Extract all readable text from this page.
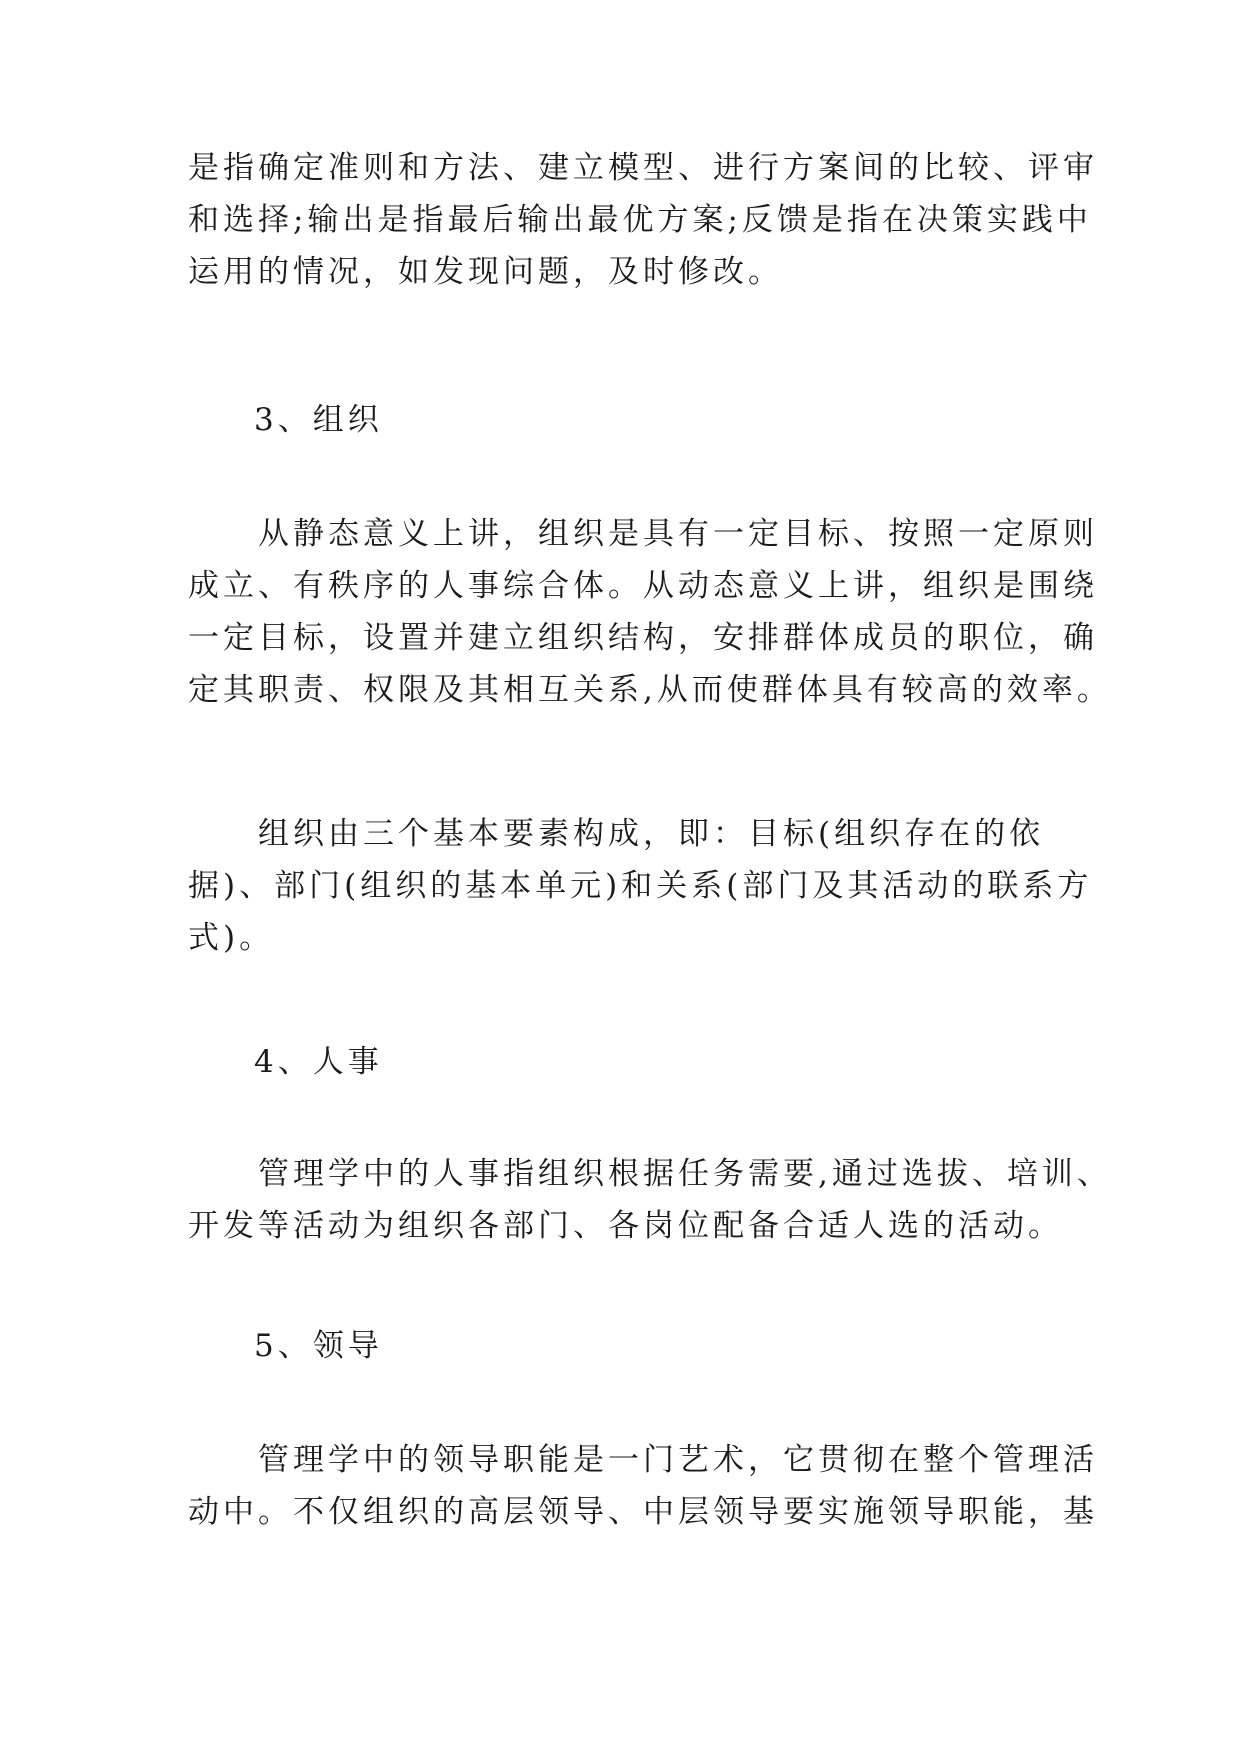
是指确定准则和方法、建立模型、进行方案间的比较、评审
和选择;输出是指最后输出最优方案;反馈是指在决策实践中
运用的情况，如发现问题，及时修改。

3、组织

　　从静态意义上讲，组织是具有一定目标、按照一定原则
成立、有秩序的人事综合体。从动态意义上讲，组织是围绕
一定目标，设置并建立组织结构，安排群体成员的职位，确
定其职责、权限及其相互关系,从而使群体具有较高的效率。

　　组织由三个基本要素构成，即：目标(组织存在的依
据)、部门(组织的基本单元)和关系(部门及其活动的联系方
式)。

4、人事

　　管理学中的人事指组织根据任务需要,通过选拔、培训、
开发等活动为组织各部门、各岗位配备合适人选的活动。

5、领导

　　管理学中的领导职能是一门艺术，它贯彻在整个管理活
动中。不仅组织的高层领导、中层领导要实施领导职能，基
